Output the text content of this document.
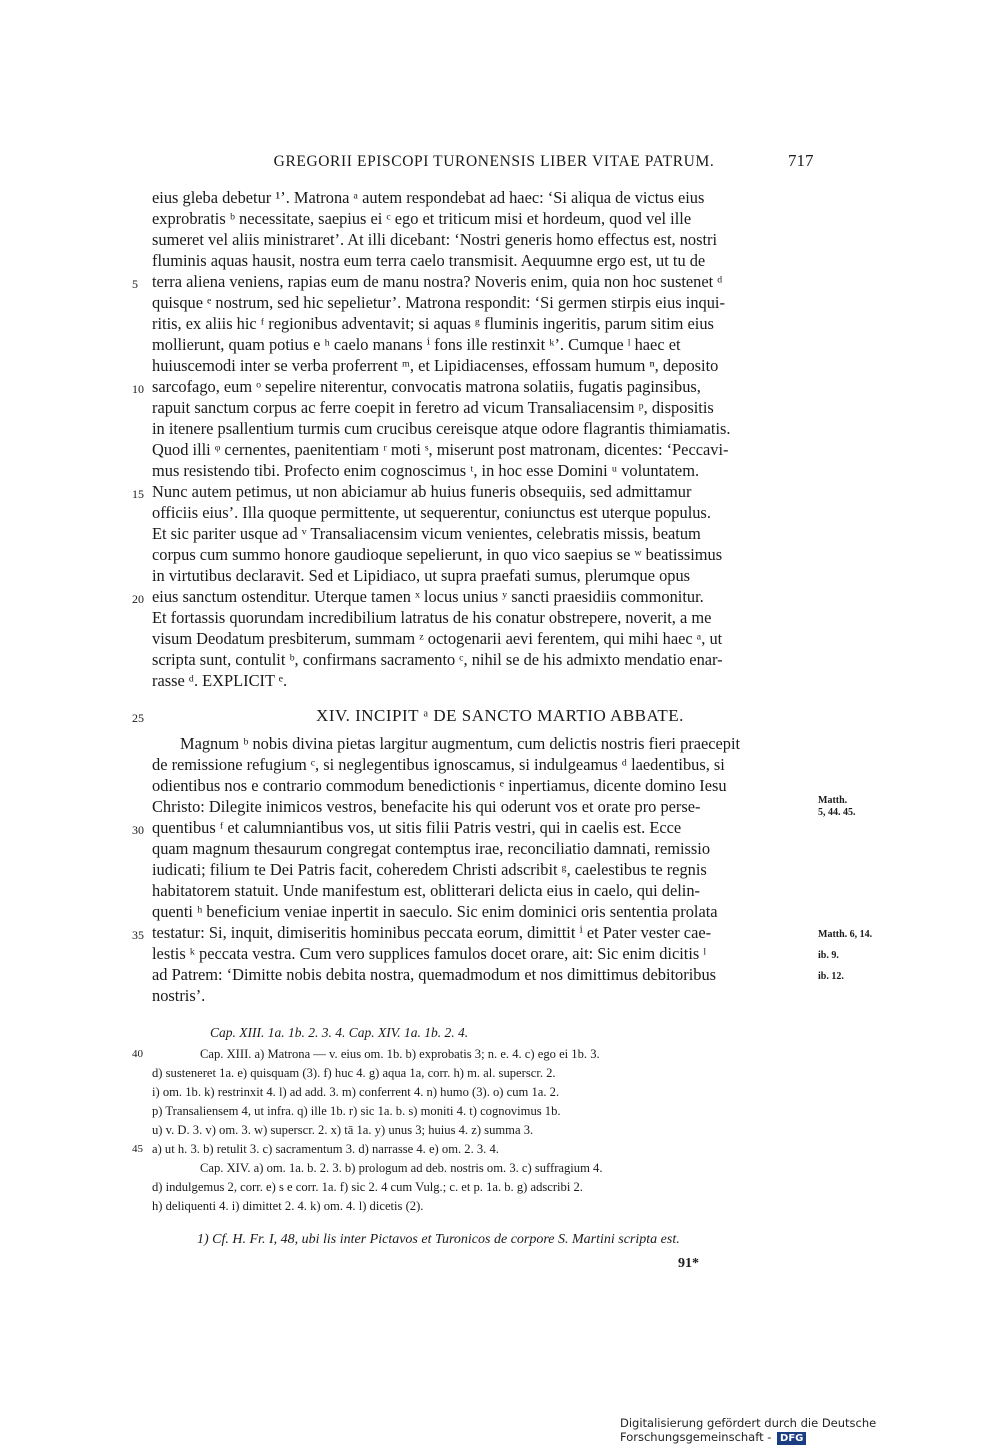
GREGORII EPISCOPI TURONENSIS LIBER VITAE PATRUM.	717
eius gleba debetur ¹’. Matrona ᵃ autem respondebat ad haec: ‘Si aliqua de victus eius
exprobratis ᵇ necessitate, saepius ei ᶜ ego et triticum misi et hordeum, quod vel ille
sumeret vel aliis ministraret’. At illi dicebant: ‘Nostri generis homo effectus est, nostri
fluminis aquas hausit, nostra eum terra caelo transmisit. Aequumne ergo est, ut tu de
terra aliena veniens, rapias eum de manu nostra? Noveris enim, quia non hoc sustenet ᵈ
quisque ᵉ nostrum, sed hic sepelietur’. Matrona respondit: ‘Si germen stirpis eius inqui-
ritis, ex aliis hic ᶠ regionibus adventavit; si aquas ᵍ fluminis ingeritis, parum sitim eius
mollierunt, quam potius e ʰ caelo manans ⁱ fons ille restinxit ᵏ’. Cumque ˡ haec et
huiuscemodi inter se verba proferrent ᵐ, et Lipidiacenses, effossam humum ⁿ, deposito
sarcofago, eum ᵒ sepelire niterentur, convocatis matrona solatiis, fugatis paginsibus,
rapuit sanctum corpus ac ferre coepit in feretro ad vicum Transaliacensim ᵖ, dispositis
in itenere psallentium turmis cum crucibus cereisque atque odore flagrantis thimiamatis.
Quod illi ᵠ cernentes, paenitentiam ʳ moti ˢ, miserunt post matronam, dicentes: ‘Peccavi-
mus resistendo tibi. Profecto enim cognoscimus ᵗ, in hoc esse Domini ᵘ voluntatem.
Nunc autem petimus, ut non abiciamur ab huius funeris obsequiis, sed admittamur
officiis eius’. Illa quoque permittente, ut sequerentur, coniunctus est uterque populus.
Et sic pariter usque ad ᵛ Transaliacensim vicum venientes, celebratis missis, beatum
corpus cum summo honore gaudioque sepelierunt, in quo vico saepius se ʷ beatissimus
in virtutibus declaravit. Sed et Lipidiaco, ut supra praefati sumus, plerumque opus
eius sanctum ostenditur. Uterque tamen ˣ locus unius ʸ sancti praesidiis commonitur.
Et fortassis quorundam incredibilium latratus de his conatur obstrepere, noverit, a me
visum Deodatum presbiterum, summam ᶻ octogenarii aevi ferentem, qui mihi haec ᵃ, ut
scripta sunt, contulit ᵇ, confirmans sacramento ᶜ, nihil se de his admixto mendatio enar-
rasse ᵈ. EXPLICIT ᵉ.
XIV. INCIPIT ᵃ DE SANCTO MARTIO ABBATE.
Magnum ᵇ nobis divina pietas largitur augmentum, cum delictis nostris fieri praecepit
de remissione refugium ᶜ, si neglegentibus ignoscamus, si indulgeamus ᵈ laedentibus, si
odientibus nos e contrario commodum benedictionis ᵉ inpertiamus, dicente domino Iesu
Christo: Dilegite inimicos vestros, benefacite his qui oderunt vos et orate pro perse-
quentibus ᶠ et calumniantibus vos, ut sitis filii Patris vestri, qui in caelis est. Ecce
quam magnum thesaurum congregat contemptus irae, reconciliatio damnati, remissio
iudicati; filium te Dei Patris facit, coheredem Christi adscribit ᵍ, caelestibus te regnis
habitatorem statuit. Unde manifestum est, oblitterari delicta eius in caelo, qui delin-
quenti ʰ beneficium veniae inpertit in saeculo. Sic enim dominici oris sententia prolata
testatur: Si, inquit, dimiseritis hominibus peccata eorum, dimittit ⁱ et Pater vester cae-
lestis ᵏ peccata vestra. Cum vero supplices famulos docet orare, ait: Sic enim dicitis ˡ
ad Patrem: ‘Dimitte nobis debita nostra, quemadmodum et nos dimittimus debitoribus
nostris’.
5
10
15
20
25
30
35
Matth.
5, 44. 45.
Matth. 6, 14.
ib. 9.
ib. 12.
Cap. XIII. 1a. 1b. 2. 3. 4. Cap. XIV. 1a. 1b. 2. 4.
Cap. XIII. a) Matrona — v. eius om. 1b. b) exprobatis 3; n. e. 4. c) ego ei 1b. 3.
d) susteneret 1a. e) quisquam (3). f) huc 4. g) aqua 1a, corr. h) m. al. superscr. 2.
i) om. 1b. k) restrinxit 4. l) ad add. 3. m) conferrent 4. n) humo (3). o) cum 1a. 2.
p) Transaliensem 4, ut infra. q) ille 1b. r) sic 1a. b. s) moniti 4. t) cognovimus 1b.
u) v. D. 3. v) om. 3. w) superscr. 2. x) tā 1a. y) unus 3; huius 4. z) summa 3.
a) ut h. 3. b) retulit 3. c) sacramentum 3. d) narrasse 4. e) om. 2. 3. 4.
Cap. XIV. a) om. 1a. b. 2. 3. b) prologum ad deb. nostris om. 3. c) suffragium 4.
d) indulgemus 2, corr. e) s e corr. 1a. f) sic 2. 4 cum Vulg.; c. et p. 1a. b. g) adscribi 2.
h) deliquenti 4. i) dimittet 2. 4. k) om. 4. l) dicetis (2).
40
45
1) Cf. H. Fr. I, 48, ubi lis inter Pictavos et Turonicos de corpore S. Martini scripta est.
91*
Digitalisierung gefördert durch die Deutsche Forschungsgemeinschaft - DFG
